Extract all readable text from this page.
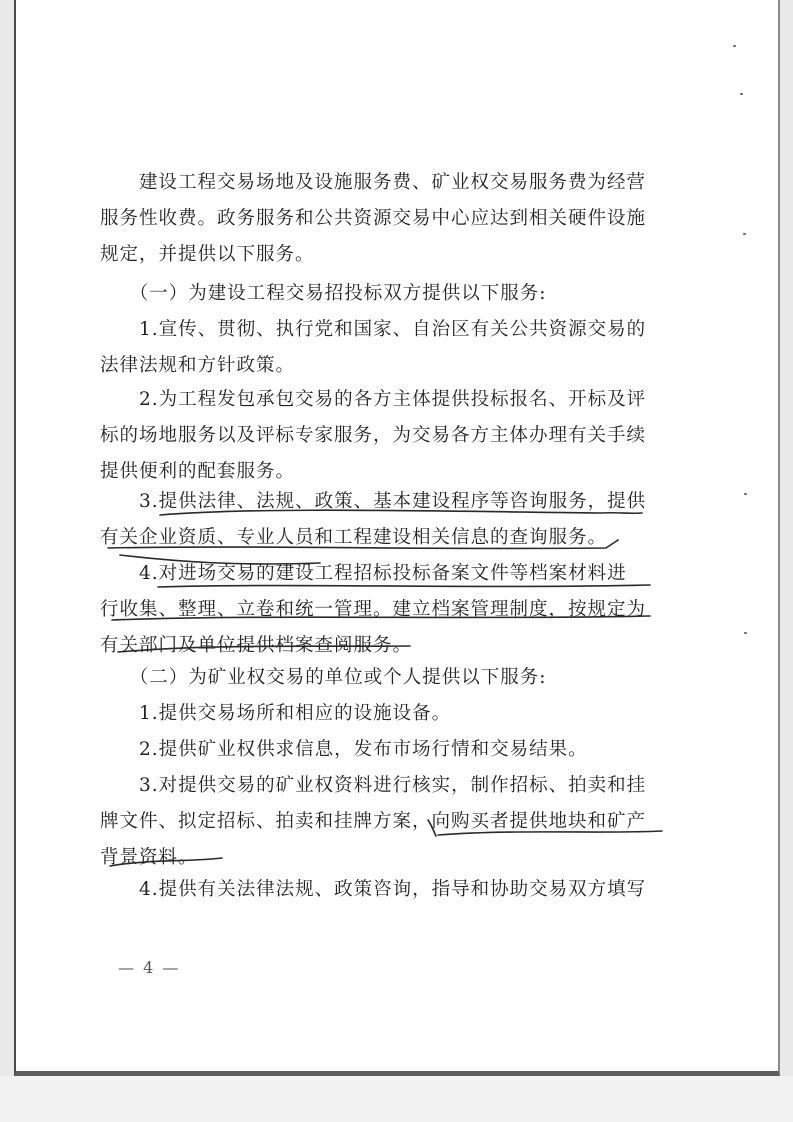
　　建设工程交易场地及设施服务费、矿业权交易服务费为经营
服务性收费。政务服务和公共资源交易中心应达到相关硬件设施
规定，并提供以下服务。

　　（一）为建设工程交易招投标双方提供以下服务:

　　1.宣传、贯彻、执行党和国家、自治区有关公共资源交易的
法律法规和方针政策。

　　2.为工程发包承包交易的各方主体提供投标报名、开标及评
标的场地服务以及评标专家服务，为交易各方主体办理有关手续
提供便利的配套服务。

　　3.提供法律、法规、政策、基本建设程序等咨询服务，提供
有关企业资质、专业人员和工程建设相关信息的查询服务。

　　4.对进场交易的建设工程招标投标备案文件等档案材料进
行收集、整理、立卷和统一管理。建立档案管理制度，按规定为
有关部门及单位提供档案查阅服务。

　　（二）为矿业权交易的单位或个人提供以下服务:

　　1.提供交易场所和相应的设施设备。

　　2.提供矿业权供求信息，发布市场行情和交易结果。

　　3.对提供交易的矿业权资料进行核实，制作招标、拍卖和挂
牌文件、拟定招标、拍卖和挂牌方案，向购买者提供地块和矿产
背景资料。

　　4.提供有关法律法规、政策咨询，指导和协助交易双方填写

— 4 —
